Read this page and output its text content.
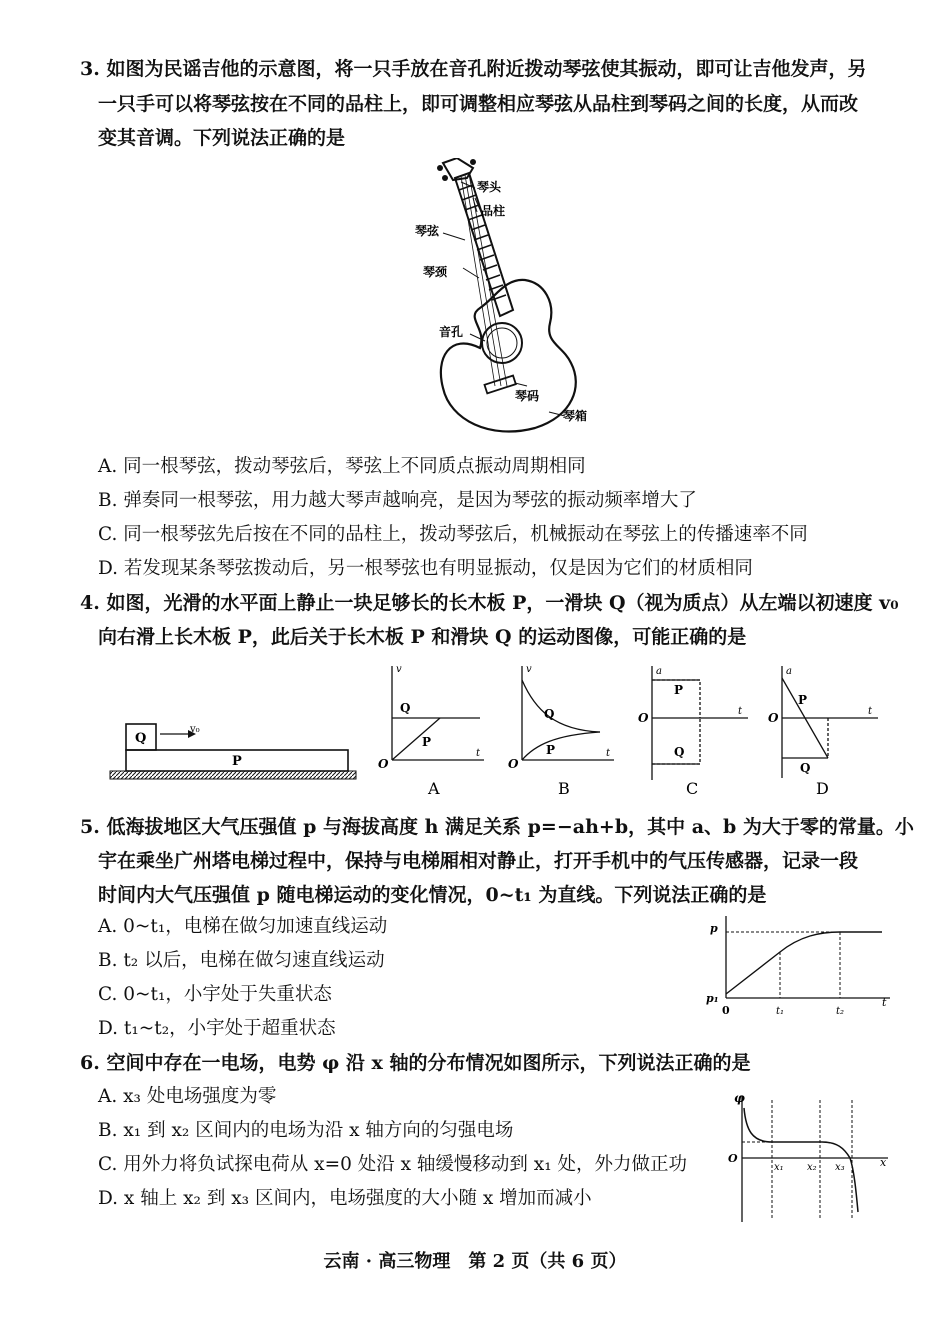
3. 如图为民谣吉他的示意图，将一只手放在音孔附近拨动琴弦使其振动，即可让吉他发声，另
一只手可以将琴弦按在不同的品柱上，即可调整相应琴弦从品柱到琴码之间的长度，从而改
变其音调。下列说法正确的是
琴头
品柱
琴弦
琴颈
音孔
琴码
琴箱
A. 同一根琴弦，拨动琴弦后，琴弦上不同质点振动周期相同
B. 弹奏同一根琴弦，用力越大琴声越响亮，是因为琴弦的振动频率增大了
C. 同一根琴弦先后按在不同的品柱上，拨动琴弦后，机械振动在琴弦上的传播速率不同
D. 若发现某条琴弦拨动后，另一根琴弦也有明显振动，仅是因为它们的材质相同
4. 如图，光滑的水平面上静止一块足够长的长木板 P，一滑块 Q（视为质点）从左端以初速度 v₀
向右滑上长木板 P，此后关于长木板 P 和滑块 Q 的运动图像，可能正确的是
Q
v₀
P
v
t
O
Q
P
A
v
t
O
Q
P
B
a
t
O
P
Q
C
a
t
O
P
Q
D
5. 低海拔地区大气压强值 p 与海拔高度 h 满足关系 p=−ah+b，其中 a、b 为大于零的常量。小
宇在乘坐广州塔电梯过程中，保持与电梯厢相对静止，打开手机中的气压传感器，记录一段
时间内大气压强值 p 随电梯运动的变化情况，0~t₁ 为直线。下列说法正确的是
A. 0~t₁，电梯在做匀加速直线运动
B. t₂ 以后，电梯在做匀速直线运动
C. 0~t₁，小宇处于失重状态
D. t₁~t₂，小宇处于超重状态
p
t
0
p₁
t₁	t₂
6. 空间中存在一电场，电势 φ 沿 x 轴的分布情况如图所示，下列说法正确的是
A. x₃ 处电场强度为零
B. x₁ 到 x₂ 区间内的电场为沿 x 轴方向的匀强电场
C. 用外力将负试探电荷从 x=0 处沿 x 轴缓慢移动到 x₁ 处，外力做正功
D. x 轴上 x₂ 到 x₃ 区间内，电场强度的大小随 x 增加而减小
φ
x
O
x₁ x₂ x₃
云南 · 高三物理　第 2 页（共 6 页）
